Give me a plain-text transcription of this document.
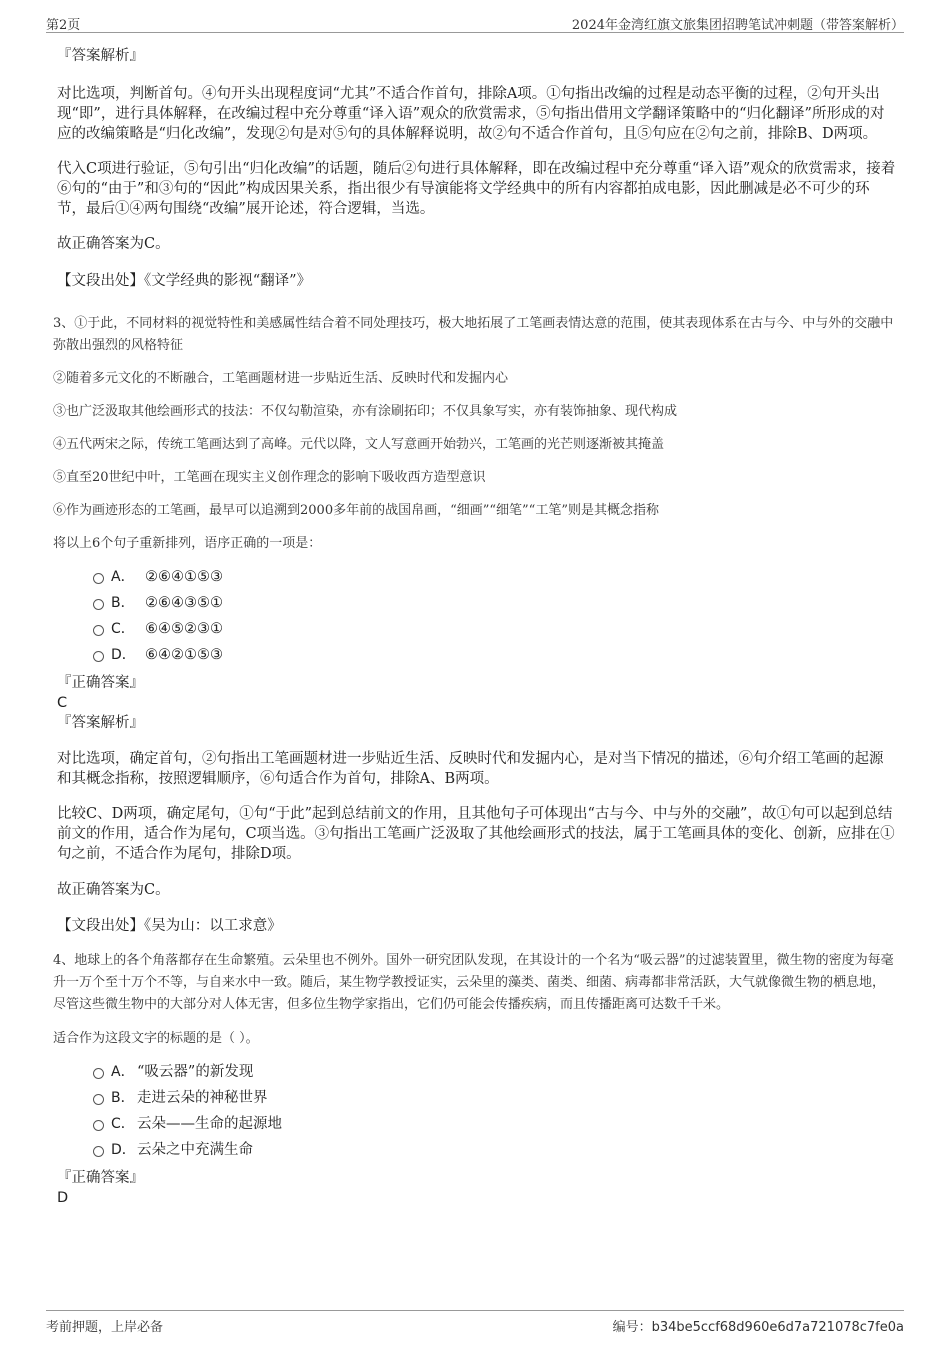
第2页	2024年金湾红旗文旅集团招聘笔试冲刺题（带答案解析）

『答案解析』

对比选项，判断首句。④句开头出现程度词“尤其”不适合作首句，排除A项。①句指出改编的过程是动态平衡的过程，②句开头出现“即”，进行具体解释，在改编过程中充分尊重“译入语”观众的欣赏需求，⑤句指出借用文学翻译策略中的“归化翻译”所形成的对应的改编策略是“归化改编”，发现②句是对⑤句的具体解释说明，故②句不适合作首句，且⑤句应在②句之前，排除B、D两项。

代入C项进行验证，⑤句引出“归化改编”的话题，随后②句进行具体解释，即在改编过程中充分尊重“译入语”观众的欣赏需求，接着⑥句的“由于”和③句的“因此”构成因果关系，指出很少有导演能将文学经典中的所有内容都拍成电影，因此删减是必不可少的环节，最后①④两句围绕“改编”展开论述，符合逻辑，当选。

故正确答案为C。

【文段出处】《文学经典的影视“翻译”》

3、①于此，不同材料的视觉特性和美感属性结合着不同处理技巧，极大地拓展了工笔画表情达意的范围，使其表现体系在古与今、中与外的交融中弥散出强烈的风格特征

②随着多元文化的不断融合，工笔画题材进一步贴近生活、反映时代和发掘内心

③也广泛汲取其他绘画形式的技法：不仅勾勒渲染，亦有涂刷拓印；不仅具象写实，亦有装饰抽象、现代构成

④五代两宋之际，传统工笔画达到了高峰。元代以降，文人写意画开始勃兴，工笔画的光芒则逐渐被其掩盖

⑤直至20世纪中叶，工笔画在现实主义创作理念的影响下吸收西方造型意识

⑥作为画迹形态的工笔画，最早可以追溯到2000多年前的战国帛画，“细画”“细笔”“工笔”则是其概念指称

将以上6个句子重新排列，语序正确的一项是：

A． ②⑥④①⑤③
B． ②⑥④③⑤①
C． ⑥④⑤②③①
D． ⑥④②①⑤③

『正确答案』

C

『答案解析』

对比选项，确定首句，②句指出工笔画题材进一步贴近生活、反映时代和发掘内心，是对当下情况的描述，⑥句介绍工笔画的起源和其概念指称，按照逻辑顺序，⑥句适合作为首句，排除A、B两项。

比较C、D两项，确定尾句，①句“于此”起到总结前文的作用，且其他句子可体现出“古与今、中与外的交融”，故①句可以起到总结前文的作用，适合作为尾句，C项当选。③句指出工笔画广泛汲取了其他绘画形式的技法，属于工笔画具体的变化、创新，应排在①句之前，不适合作为尾句，排除D项。

故正确答案为C。

【文段出处】《吴为山：以工求意》

4、地球上的各个角落都存在生命繁殖。云朵里也不例外。国外一研究团队发现，在其设计的一个名为“吸云器”的过滤装置里，微生物的密度为每毫升一万个至十万个不等，与自来水中一致。随后，某生物学教授证实，云朵里的藻类、菌类、细菌、病毒都非常活跃，大气就像微生物的栖息地，尽管这些微生物中的大部分对人体无害，但多位生物学家指出，它们仍可能会传播疾病，而且传播距离可达数千千米。

适合作为这段文字的标题的是（ ）。

A． “吸云器”的新发现
B． 走进云朵的神秘世界
C． 云朵——生命的起源地
D． 云朵之中充满生命

『正确答案』

D

考前押题，上岸必备	编号：b34be5ccf68d960e6d7a721078c7fe0a
